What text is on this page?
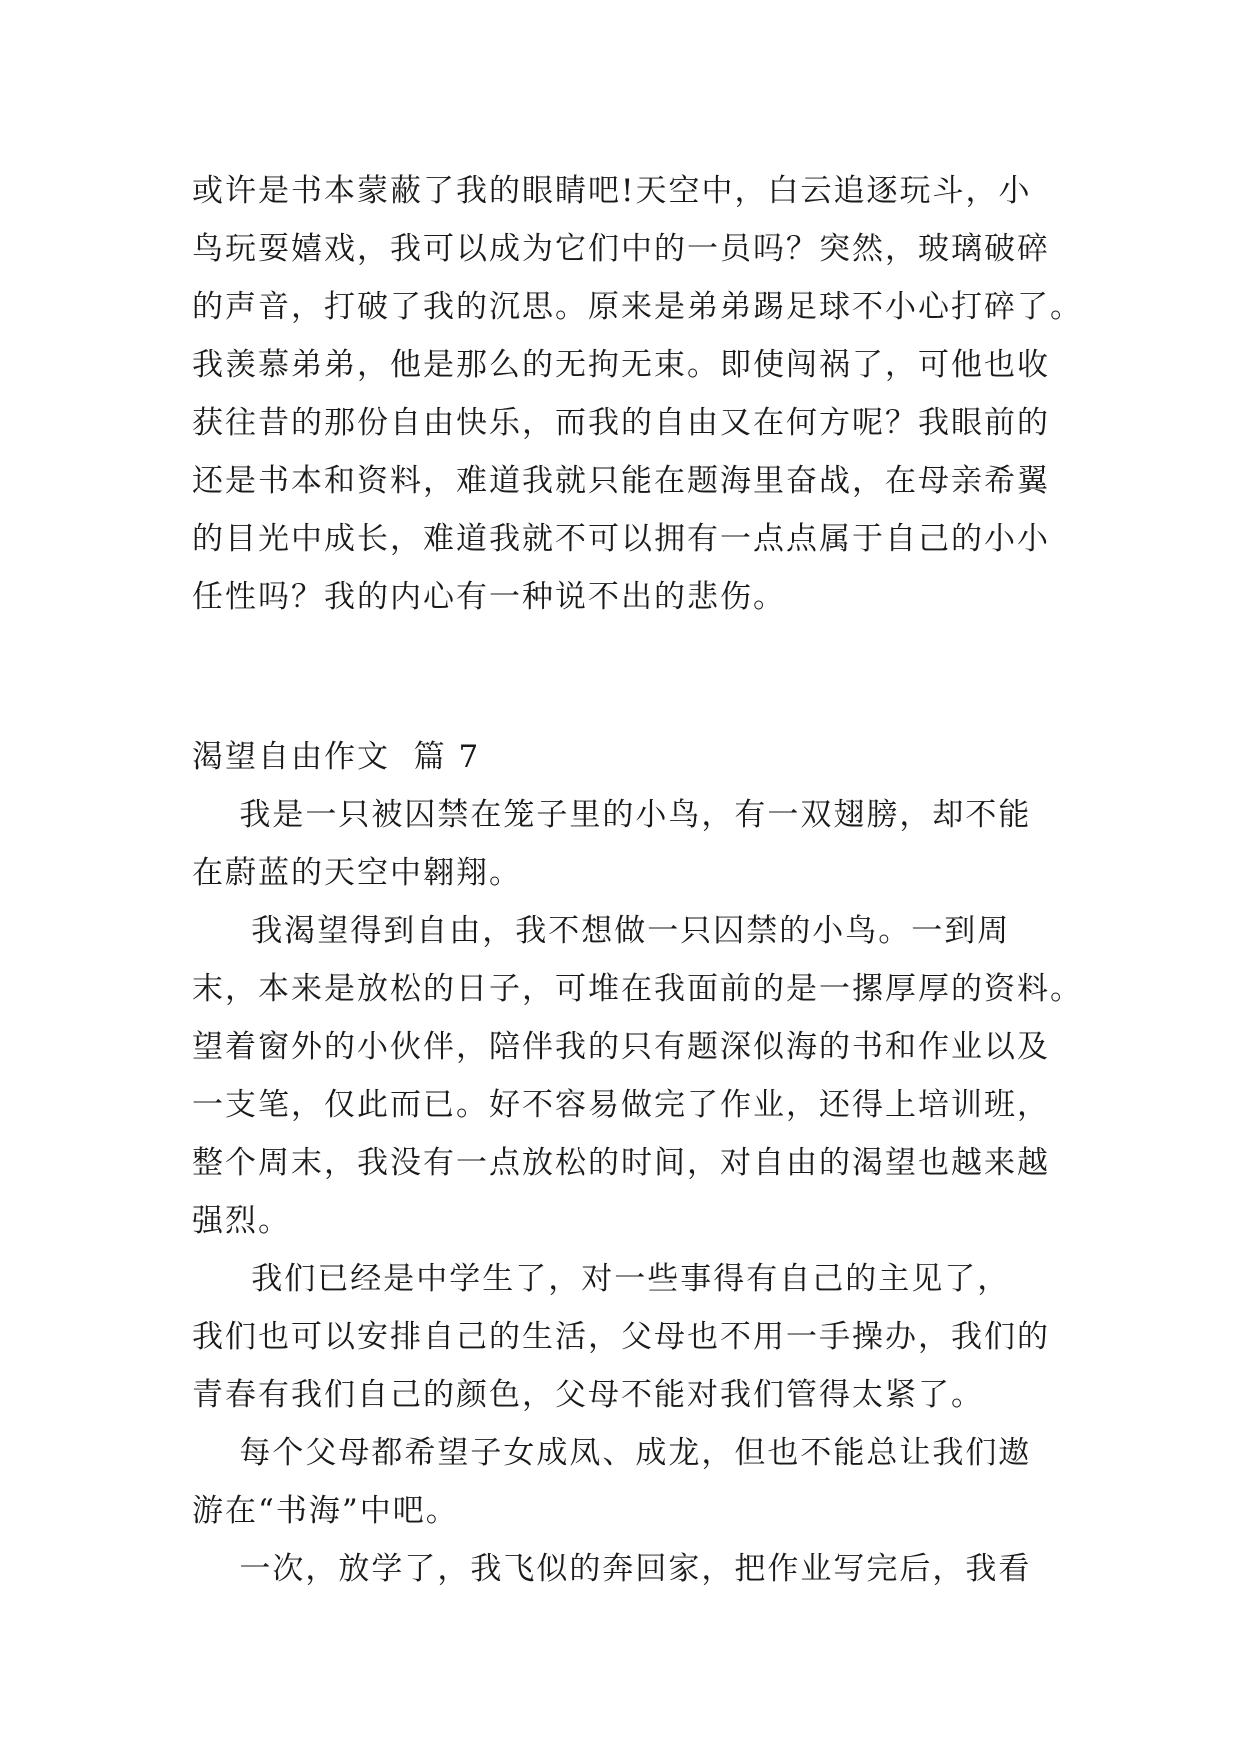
或许是书本蒙蔽了我的眼睛吧!天空中，白云追逐玩斗，小
鸟玩耍嬉戏，我可以成为它们中的一员吗？突然，玻璃破碎
的声音，打破了我的沉思。原来是弟弟踢足球不小心打碎了。
我羡慕弟弟，他是那么的无拘无束。即使闯祸了，可他也收
获往昔的那份自由快乐，而我的自由又在何方呢？我眼前的
还是书本和资料，难道我就只能在题海里奋战，在母亲希翼
的目光中成长，难道我就不可以拥有一点点属于自己的小小
任性吗？我的内心有一种说不出的悲伤。
渴望自由作文  篇 7
我是一只被囚禁在笼子里的小鸟，有一双翅膀，却不能
在蔚蓝的天空中翱翔。
我渴望得到自由，我不想做一只囚禁的小鸟。一到周
末，本来是放松的日子，可堆在我面前的是一摞厚厚的资料。
望着窗外的小伙伴，陪伴我的只有题深似海的书和作业以及
一支笔，仅此而已。好不容易做完了作业，还得上培训班，
整个周末，我没有一点放松的时间，对自由的渴望也越来越
强烈。
我们已经是中学生了，对一些事得有自己的主见了，
我们也可以安排自己的生活，父母也不用一手操办，我们的
青春有我们自己的颜色，父母不能对我们管得太紧了。
每个父母都希望子女成凤、成龙，但也不能总让我们遨
游在“书海”中吧。
一次，放学了，我飞似的奔回家，把作业写完后，我看
